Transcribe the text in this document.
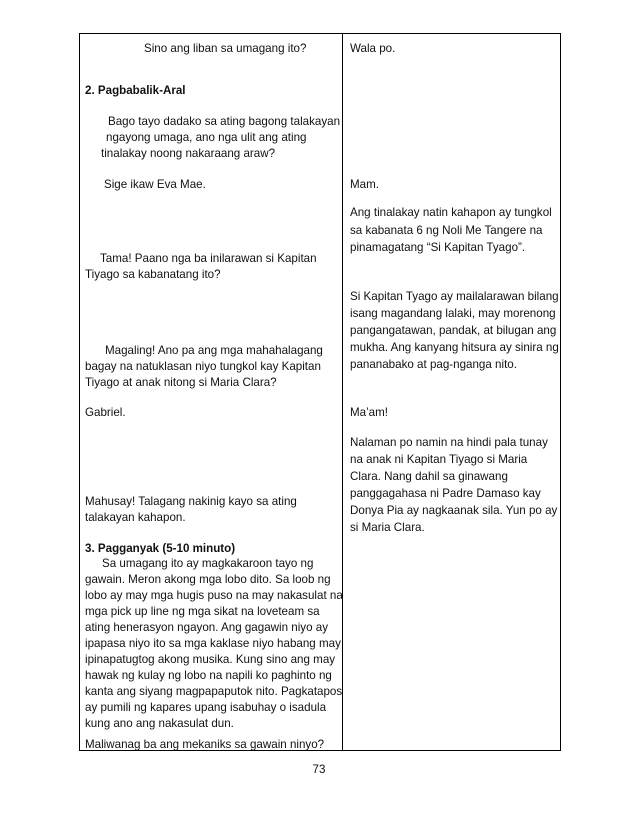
Sino ang liban sa umagang ito?
2. Pagbabalik-Aral
Bago tayo dadako sa ating bagong talakayan
ngayong umaga, ano nga ulit ang ating
tinalakay noong nakaraang araw?
Sige ikaw Eva Mae.
Tama! Paano nga ba inilarawan si Kapitan
Tiyago sa kabanatang ito?
Magaling! Ano pa ang mga mahahalagang
bagay na natuklasan niyo tungkol kay Kapitan
Tiyago at anak nitong si Maria Clara?
Gabriel.
Mahusay! Talagang nakinig kayo sa ating
talakayan kahapon.
3. Pagganyak (5-10 minuto)
Sa umagang ito ay magkakaroon tayo ng
gawain. Meron akong mga lobo dito. Sa loob ng
lobo ay may mga hugis puso na may nakasulat na
mga pick up line ng mga sikat na loveteam sa
ating henerasyon ngayon. Ang gagawin niyo ay
ipapasa niyo ito sa mga kaklase niyo habang may
ipinapatugtog akong musika. Kung sino ang may
hawak ng kulay ng lobo na napili ko paghinto ng
kanta ang siyang magpapaputok nito. Pagkatapos
ay pumili ng kapares upang isabuhay o isadula
kung ano ang nakasulat dun.
Maliwanag ba ang mekaniks sa gawain ninyo?
Wala po.
Mam.
Ang tinalakay natin kahapon ay tungkol
sa kabanata 6 ng Noli Me Tangere na
pinamagatang “Si Kapitan Tyago”.
Si Kapitan Tyago ay mailalarawan bilang
isang magandang lalaki, may morenong
pangangatawan, pandak, at bilugan ang
mukha. Ang kanyang hitsura ay sinira ng
pananabako at pag-nganga nito.
Ma’am!
Nalaman po namin na hindi pala tunay
na anak ni Kapitan Tiyago si Maria
Clara. Nang dahil sa ginawang
panggagahasa ni Padre Damaso kay
Donya Pia ay nagkaanak sila. Yun po ay
si Maria Clara.
73
